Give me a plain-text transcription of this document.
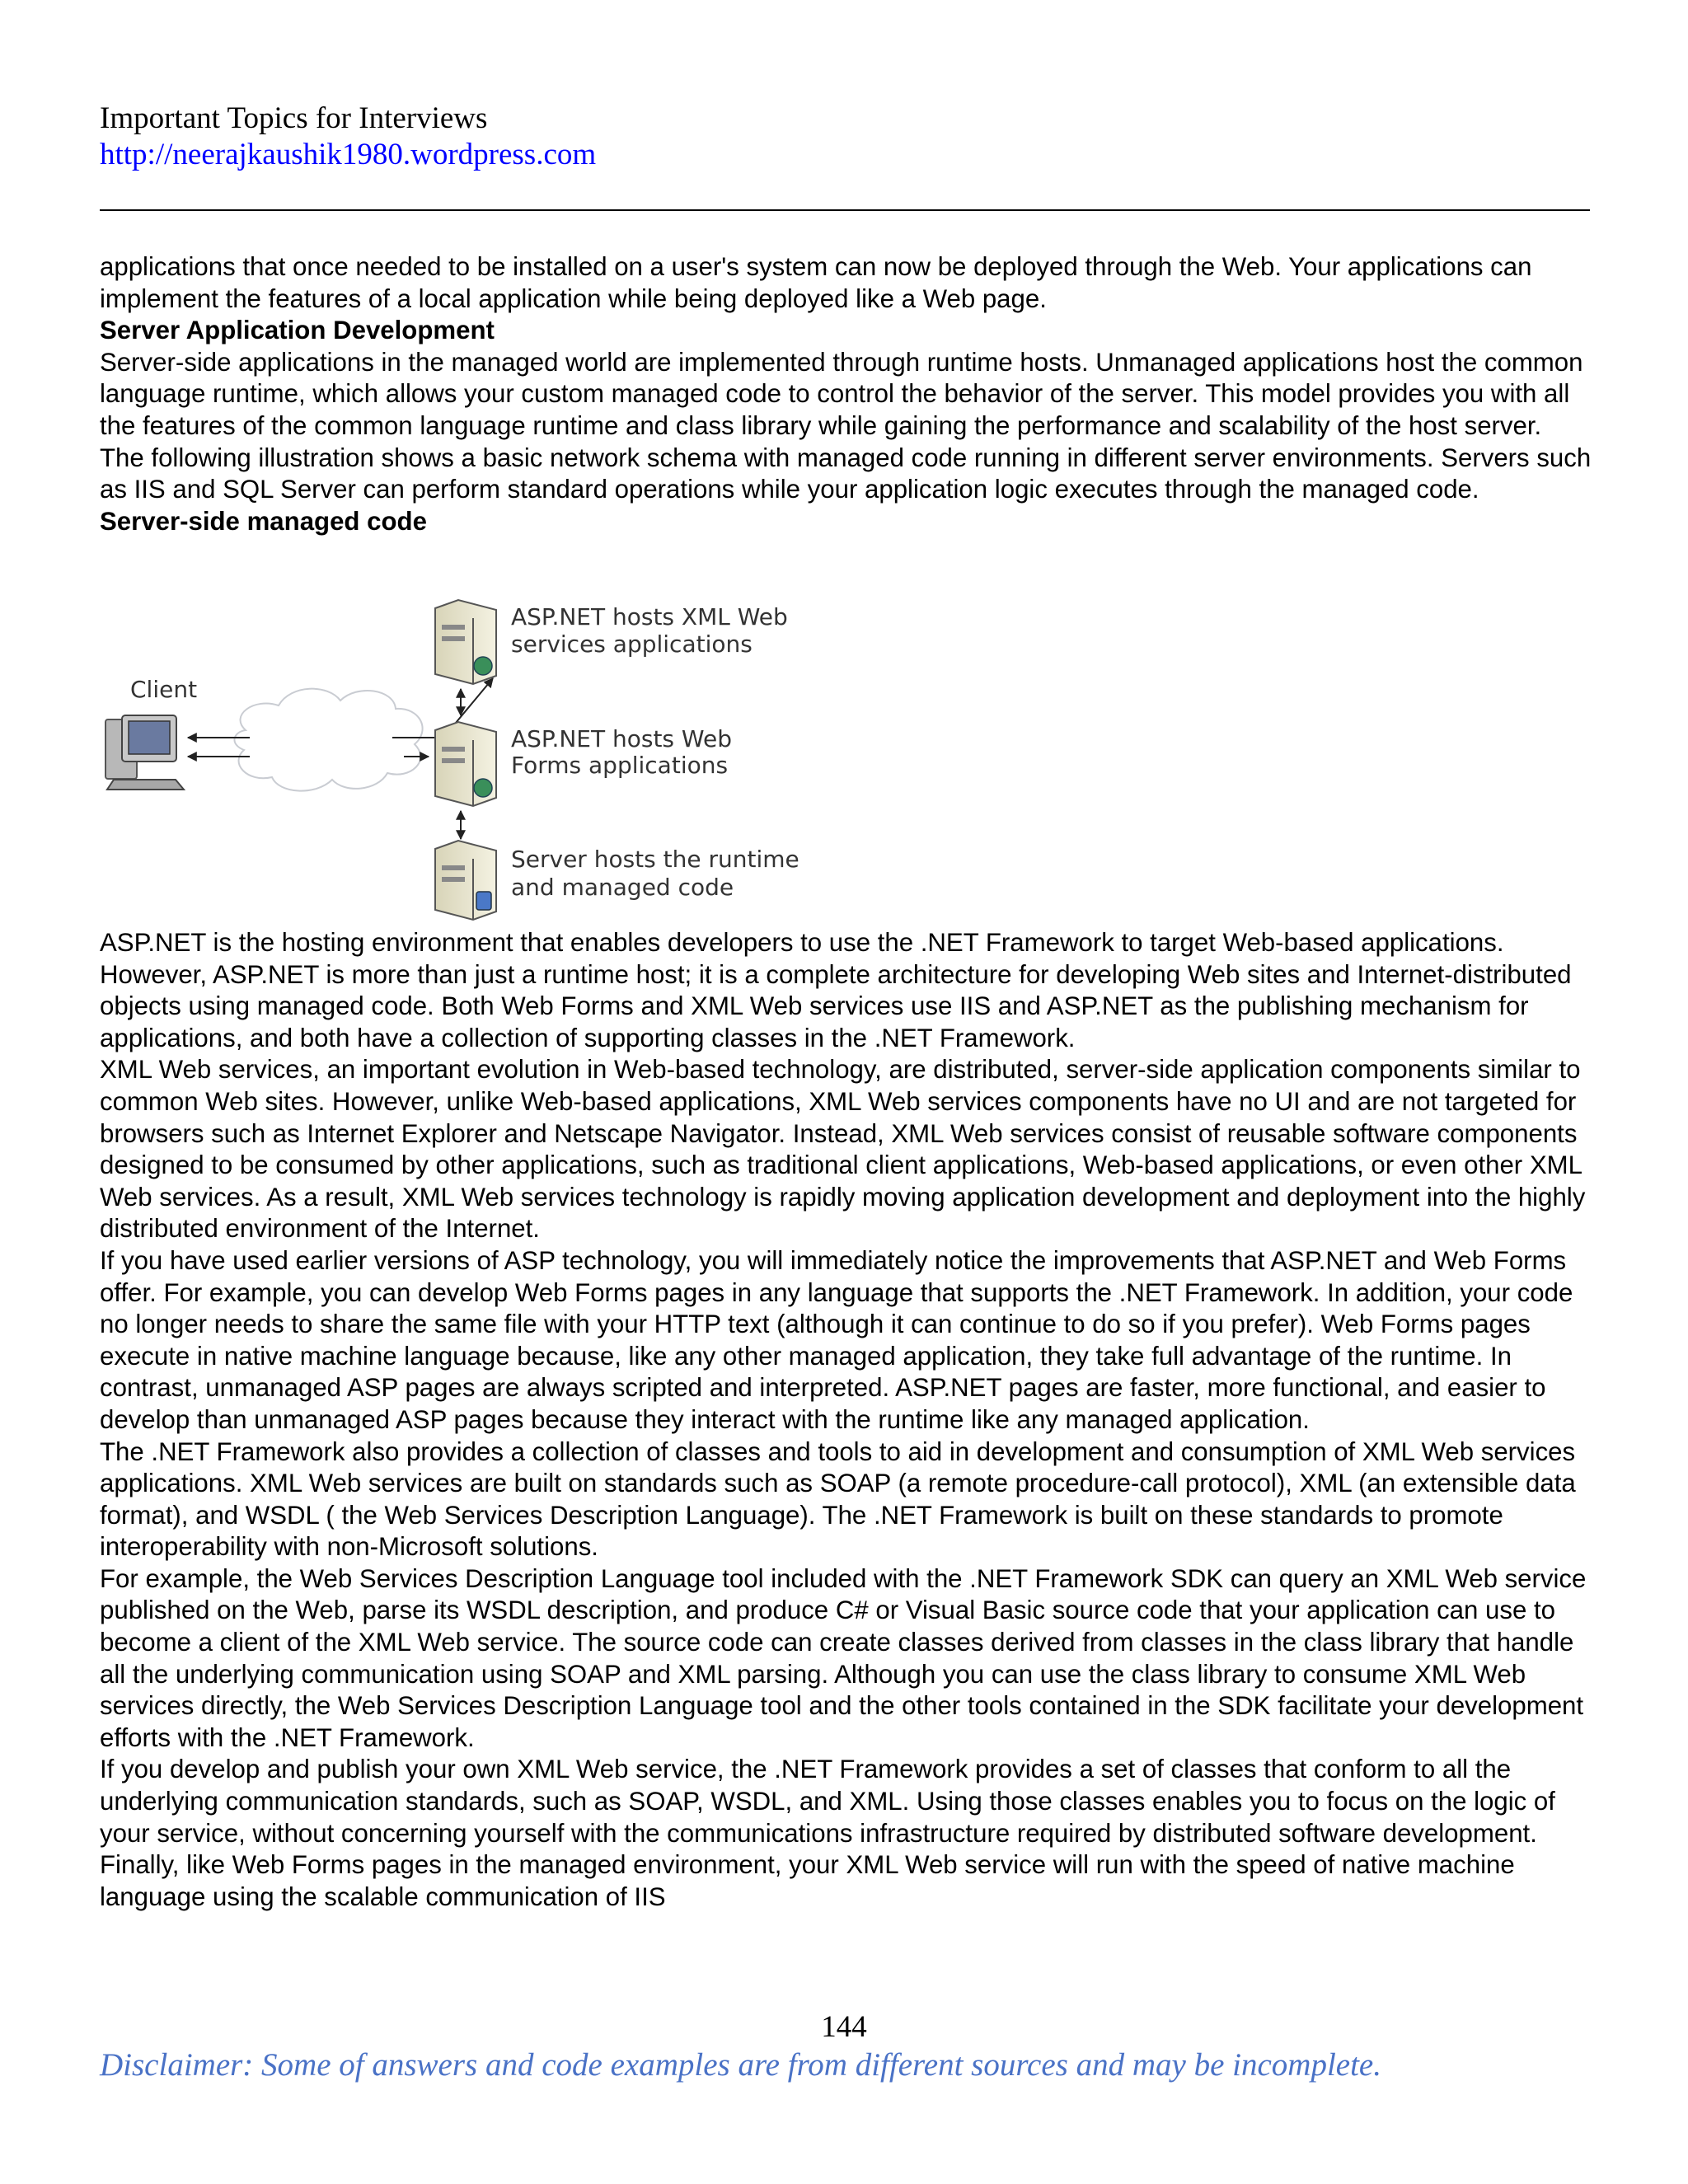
Important Topics for Interviews
http://neerajkaushik1980.wordpress.com

applications that once needed to be installed on a user's system can now be deployed through the Web. Your applications can implement the features of a local application while being deployed like a Web page.

Server Application Development

Server-side applications in the managed world are implemented through runtime hosts. Unmanaged applications host the common language runtime, which allows your custom managed code to control the behavior of the server. This model provides you with all the features of the common language runtime and class library while gaining the performance and scalability of the host server.

The following illustration shows a basic network schema with managed code running in different server environments. Servers such as IIS and SQL Server can perform standard operations while your application logic executes through the managed code.

Server-side managed code

ASP.NET is the hosting environment that enables developers to use the .NET Framework to target Web-based applications. However, ASP.NET is more than just a runtime host; it is a complete architecture for developing Web sites and Internet-distributed objects using managed code. Both Web Forms and XML Web services use IIS and ASP.NET as the publishing mechanism for applications, and both have a collection of supporting classes in the .NET Framework.

XML Web services, an important evolution in Web-based technology, are distributed, server-side application components similar to common Web sites. However, unlike Web-based applications, XML Web services components have no UI and are not targeted for browsers such as Internet Explorer and Netscape Navigator. Instead, XML Web services consist of reusable software components designed to be consumed by other applications, such as traditional client applications, Web-based applications, or even other XML Web services. As a result, XML Web services technology is rapidly moving application development and deployment into the highly distributed environment of the Internet.

If you have used earlier versions of ASP technology, you will immediately notice the improvements that ASP.NET and Web Forms offer. For example, you can develop Web Forms pages in any language that supports the .NET Framework. In addition, your code no longer needs to share the same file with your HTTP text (although it can continue to do so if you prefer). Web Forms pages execute in native machine language because, like any other managed application, they take full advantage of the runtime. In contrast, unmanaged ASP pages are always scripted and interpreted. ASP.NET pages are faster, more functional, and easier to develop than unmanaged ASP pages because they interact with the runtime like any managed application.

The .NET Framework also provides a collection of classes and tools to aid in development and consumption of XML Web services applications. XML Web services are built on standards such as SOAP (a remote procedure-call protocol), XML (an extensible data format), and WSDL ( the Web Services Description Language). The .NET Framework is built on these standards to promote interoperability with non-Microsoft solutions.

For example, the Web Services Description Language tool included with the .NET Framework SDK can query an XML Web service published on the Web, parse its WSDL description, and produce C# or Visual Basic source code that your application can use to become a client of the XML Web service. The source code can create classes derived from classes in the class library that handle all the underlying communication using SOAP and XML parsing. Although you can use the class library to consume XML Web services directly, the Web Services Description Language tool and the other tools contained in the SDK facilitate your development efforts with the .NET Framework.

If you develop and publish your own XML Web service, the .NET Framework provides a set of classes that conform to all the underlying communication standards, such as SOAP, WSDL, and XML. Using those classes enables you to focus on the logic of your service, without concerning yourself with the communications infrastructure required by distributed software development.

Finally, like Web Forms pages in the managed environment, your XML Web service will run with the speed of native machine language using the scalable communication of IIS

Client
ASP.NET hosts XML Web
services applications
ASP.NET hosts Web
Forms applications
Server hosts the runtime
and managed code
144
Disclaimer: Some of answers and code examples are from different sources and may be incomplete.
